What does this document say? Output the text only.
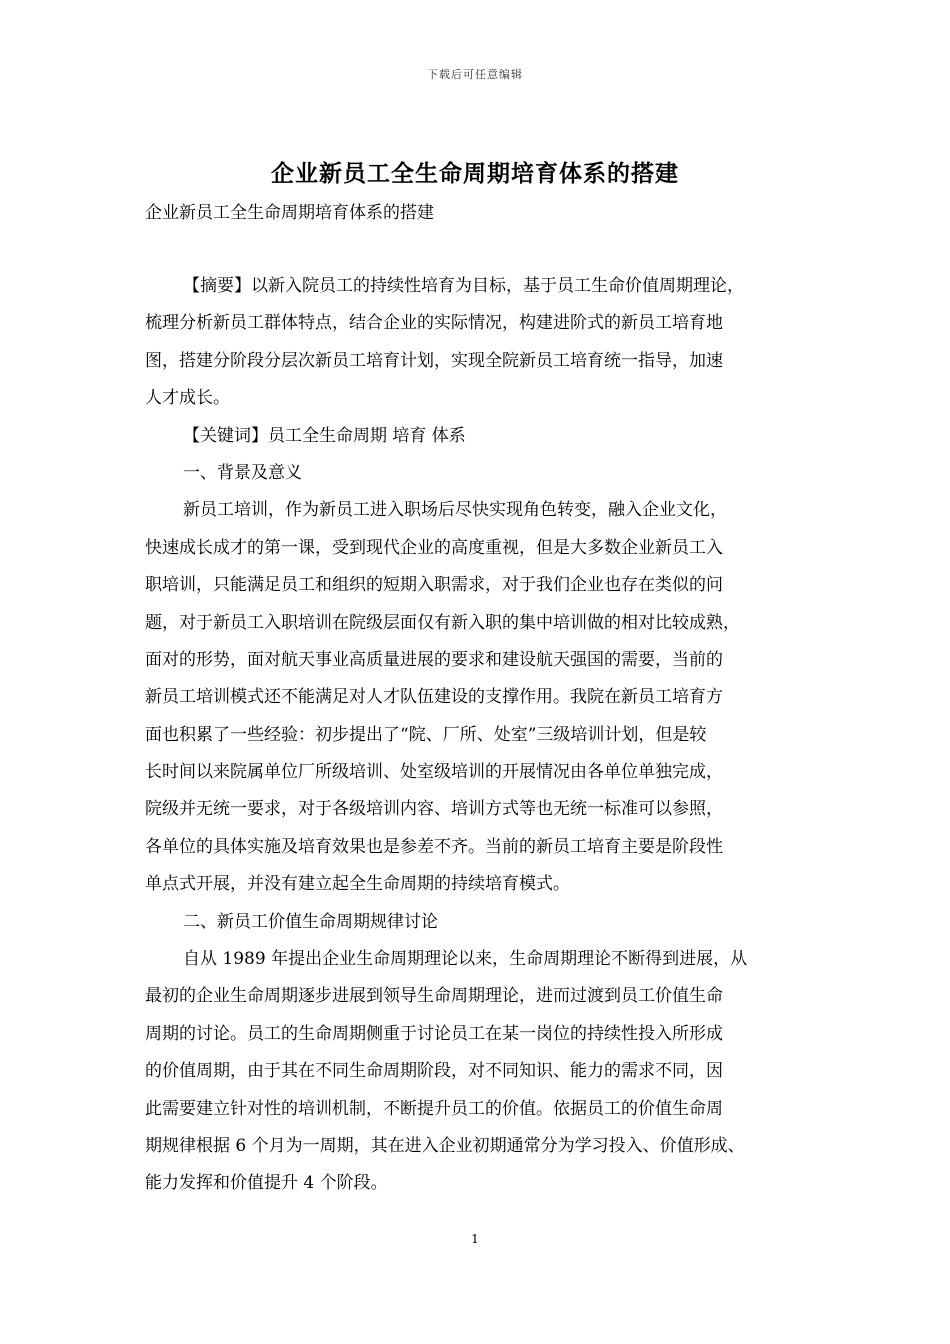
下载后可任意编辑
企业新员工全生命周期培育体系的搭建
企业新员工全生命周期培育体系的搭建
【摘要】以新入院员工的持续性培育为目标，基于员工生命价值周期理论，
梳理分析新员工群体特点，结合企业的实际情况，构建进阶式的新员工培育地
图，搭建分阶段分层次新员工培育计划，实现全院新员工培育统一指导，加速
人才成长。
【关键词】员工全生命周期 培育 体系
一、背景及意义
新员工培训，作为新员工进入职场后尽快实现角色转变，融入企业文化，
快速成长成才的第一课，受到现代企业的高度重视，但是大多数企业新员工入
职培训，只能满足员工和组织的短期入职需求，对于我们企业也存在类似的问
题，对于新员工入职培训在院级层面仅有新入职的集中培训做的相对比较成熟，
面对的形势，面对航天事业高质量进展的要求和建设航天强国的需要，当前的
新员工培训模式还不能满足对人才队伍建设的支撑作用。我院在新员工培育方
面也积累了一些经验：初步提出了“院、厂所、处室”三级培训计划，但是较
长时间以来院属单位厂所级培训、处室级培训的开展情况由各单位单独完成，
院级并无统一要求，对于各级培训内容、培训方式等也无统一标准可以参照，
各单位的具体实施及培育效果也是参差不齐。当前的新员工培育主要是阶段性
单点式开展，并没有建立起全生命周期的持续培育模式。
二、新员工价值生命周期规律讨论
自从 1989 年提出企业生命周期理论以来，生命周期理论不断得到进展，从
最初的企业生命周期逐步进展到领导生命周期理论，进而过渡到员工价值生命
周期的讨论。员工的生命周期侧重于讨论员工在某一岗位的持续性投入所形成
的价值周期，由于其在不同生命周期阶段，对不同知识、能力的需求不同，因
此需要建立针对性的培训机制，不断提升员工的价值。依据员工的价值生命周
期规律根据 6 个月为一周期，其在进入企业初期通常分为学习投入、价值形成、
能力发挥和价值提升 4 个阶段。
1
